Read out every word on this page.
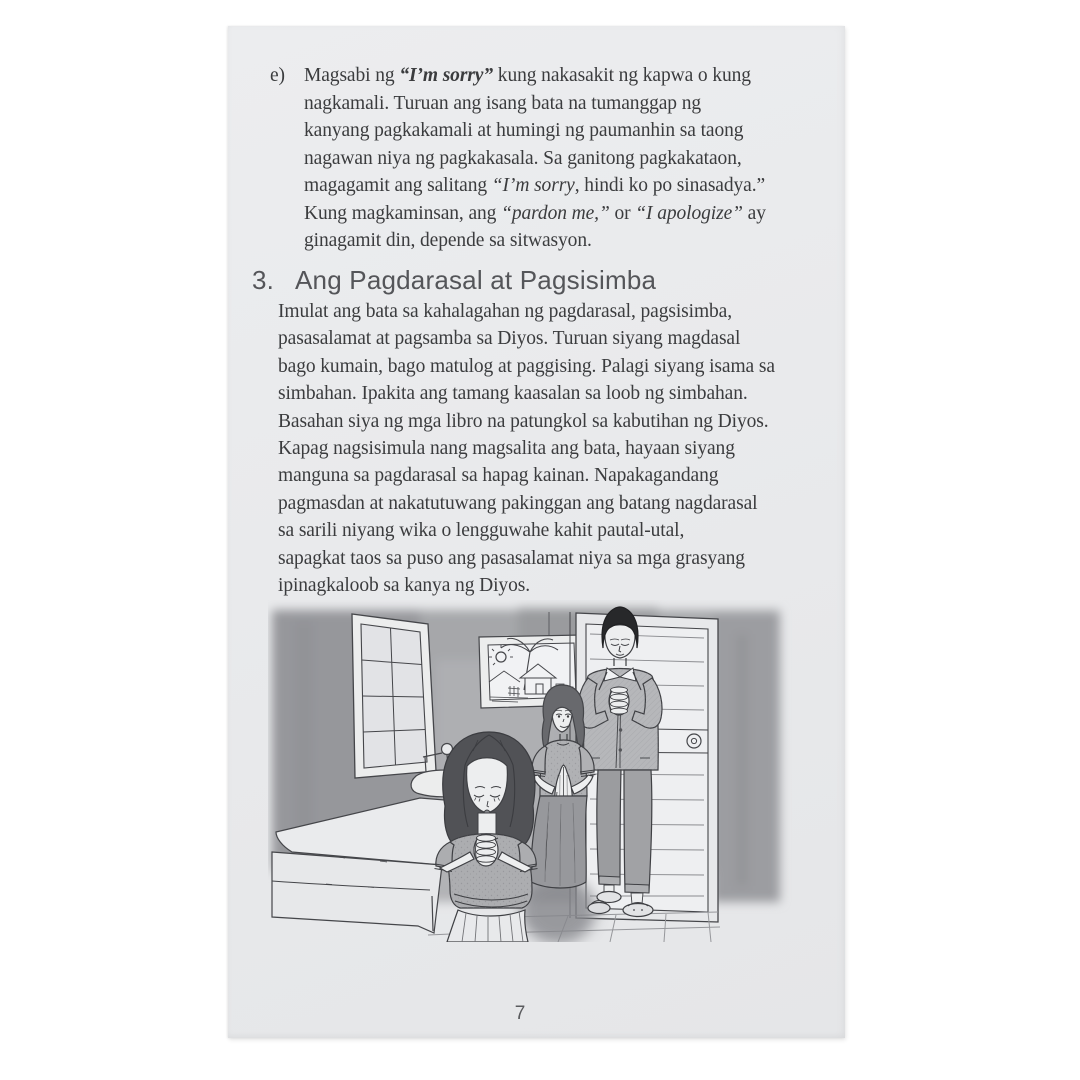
e) Magsabi ng “I’m sorry” kung nakasakit ng kapwa o kung
nagkamali. Turuan ang isang bata na tumanggap ng
kanyang pagkakamali at humingi ng paumanhin sa taong
nagawan niya ng pagkakasala. Sa ganitong pagkakataon,
magagamit ang salitang “I’m sorry, hindi ko po sinasadya.”
Kung magkaminsan, ang “pardon me,” or “I apologize” ay
ginagamit din, depende sa sitwasyon.
3. Ang Pagdarasal at Pagsisimba
Imulat ang bata sa kahalagahan ng pagdarasal, pagsisimba,
pasasalamat at pagsamba sa Diyos. Turuan siyang magdasal
bago kumain, bago matulog at paggising. Palagi siyang isama sa
simbahan. Ipakita ang tamang kaasalan sa loob ng simbahan.
Basahan siya ng mga libro na patungkol sa kabutihan ng Diyos.
Kapag nagsisimula nang magsalita ang bata, hayaan siyang
manguna sa pagdarasal sa hapag kainan. Napakagandang
pagmasdan at nakatutuwang pakinggan ang batang nagdarasal
sa sarili niyang wika o lengguwahe kahit pautal-utal,
sapagkat taos sa puso ang pasasalamat niya sa mga grasyang
ipinagkaloob sa kanya ng Diyos.
7
